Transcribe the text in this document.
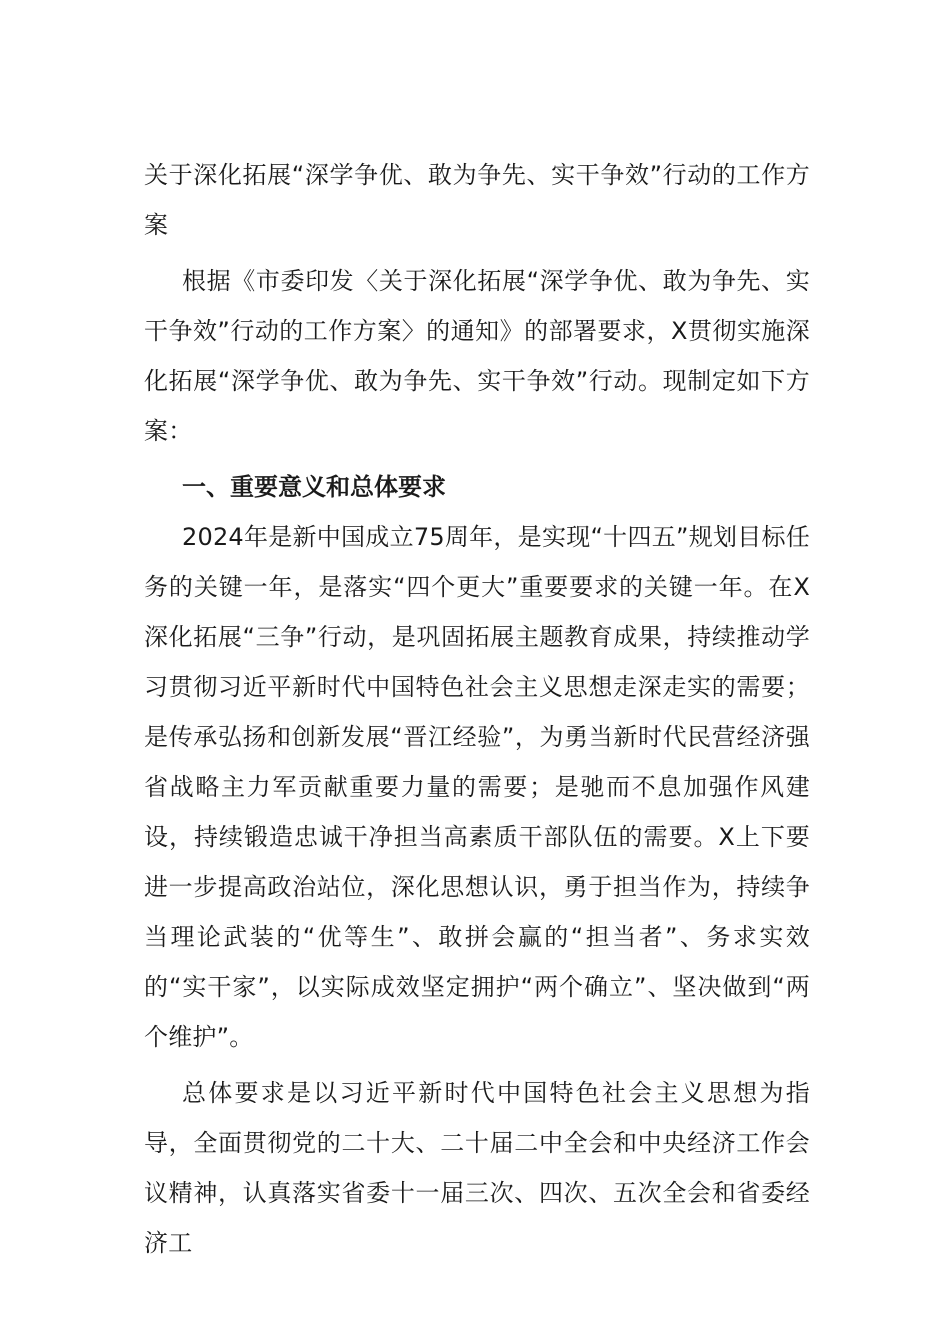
关于深化拓展“深学争优、敢为争先、实干争效”行动的工作方案

根据《市委印发〈关于深化拓展“深学争优、敢为争先、实干争效”行动的工作方案〉的通知》的部署要求，X贯彻实施深化拓展“深学争优、敢为争先、实干争效”行动。现制定如下方案：

一、重要意义和总体要求

2024年是新中国成立75周年，是实现“十四五”规划目标任务的关键一年，是落实“四个更大”重要要求的关键一年。在X深化拓展“三争”行动，是巩固拓展主题教育成果，持续推动学习贯彻习近平新时代中国特色社会主义思想走深走实的需要；是传承弘扬和创新发展“晋江经验”，为勇当新时代民营经济强省战略主力军贡献重要力量的需要；是驰而不息加强作风建设，持续锻造忠诚干净担当高素质干部队伍的需要。X上下要进一步提高政治站位，深化思想认识，勇于担当作为，持续争当理论武装的“优等生”、敢拼会赢的“担当者”、务求实效的“实干家”，以实际成效坚定拥护“两个确立”、坚决做到“两个维护”。

总体要求是以习近平新时代中国特色社会主义思想为指导，全面贯彻党的二十大、二十届二中全会和中央经济工作会议精神，认真落实省委十一届三次、四次、五次全会和省委经济工
